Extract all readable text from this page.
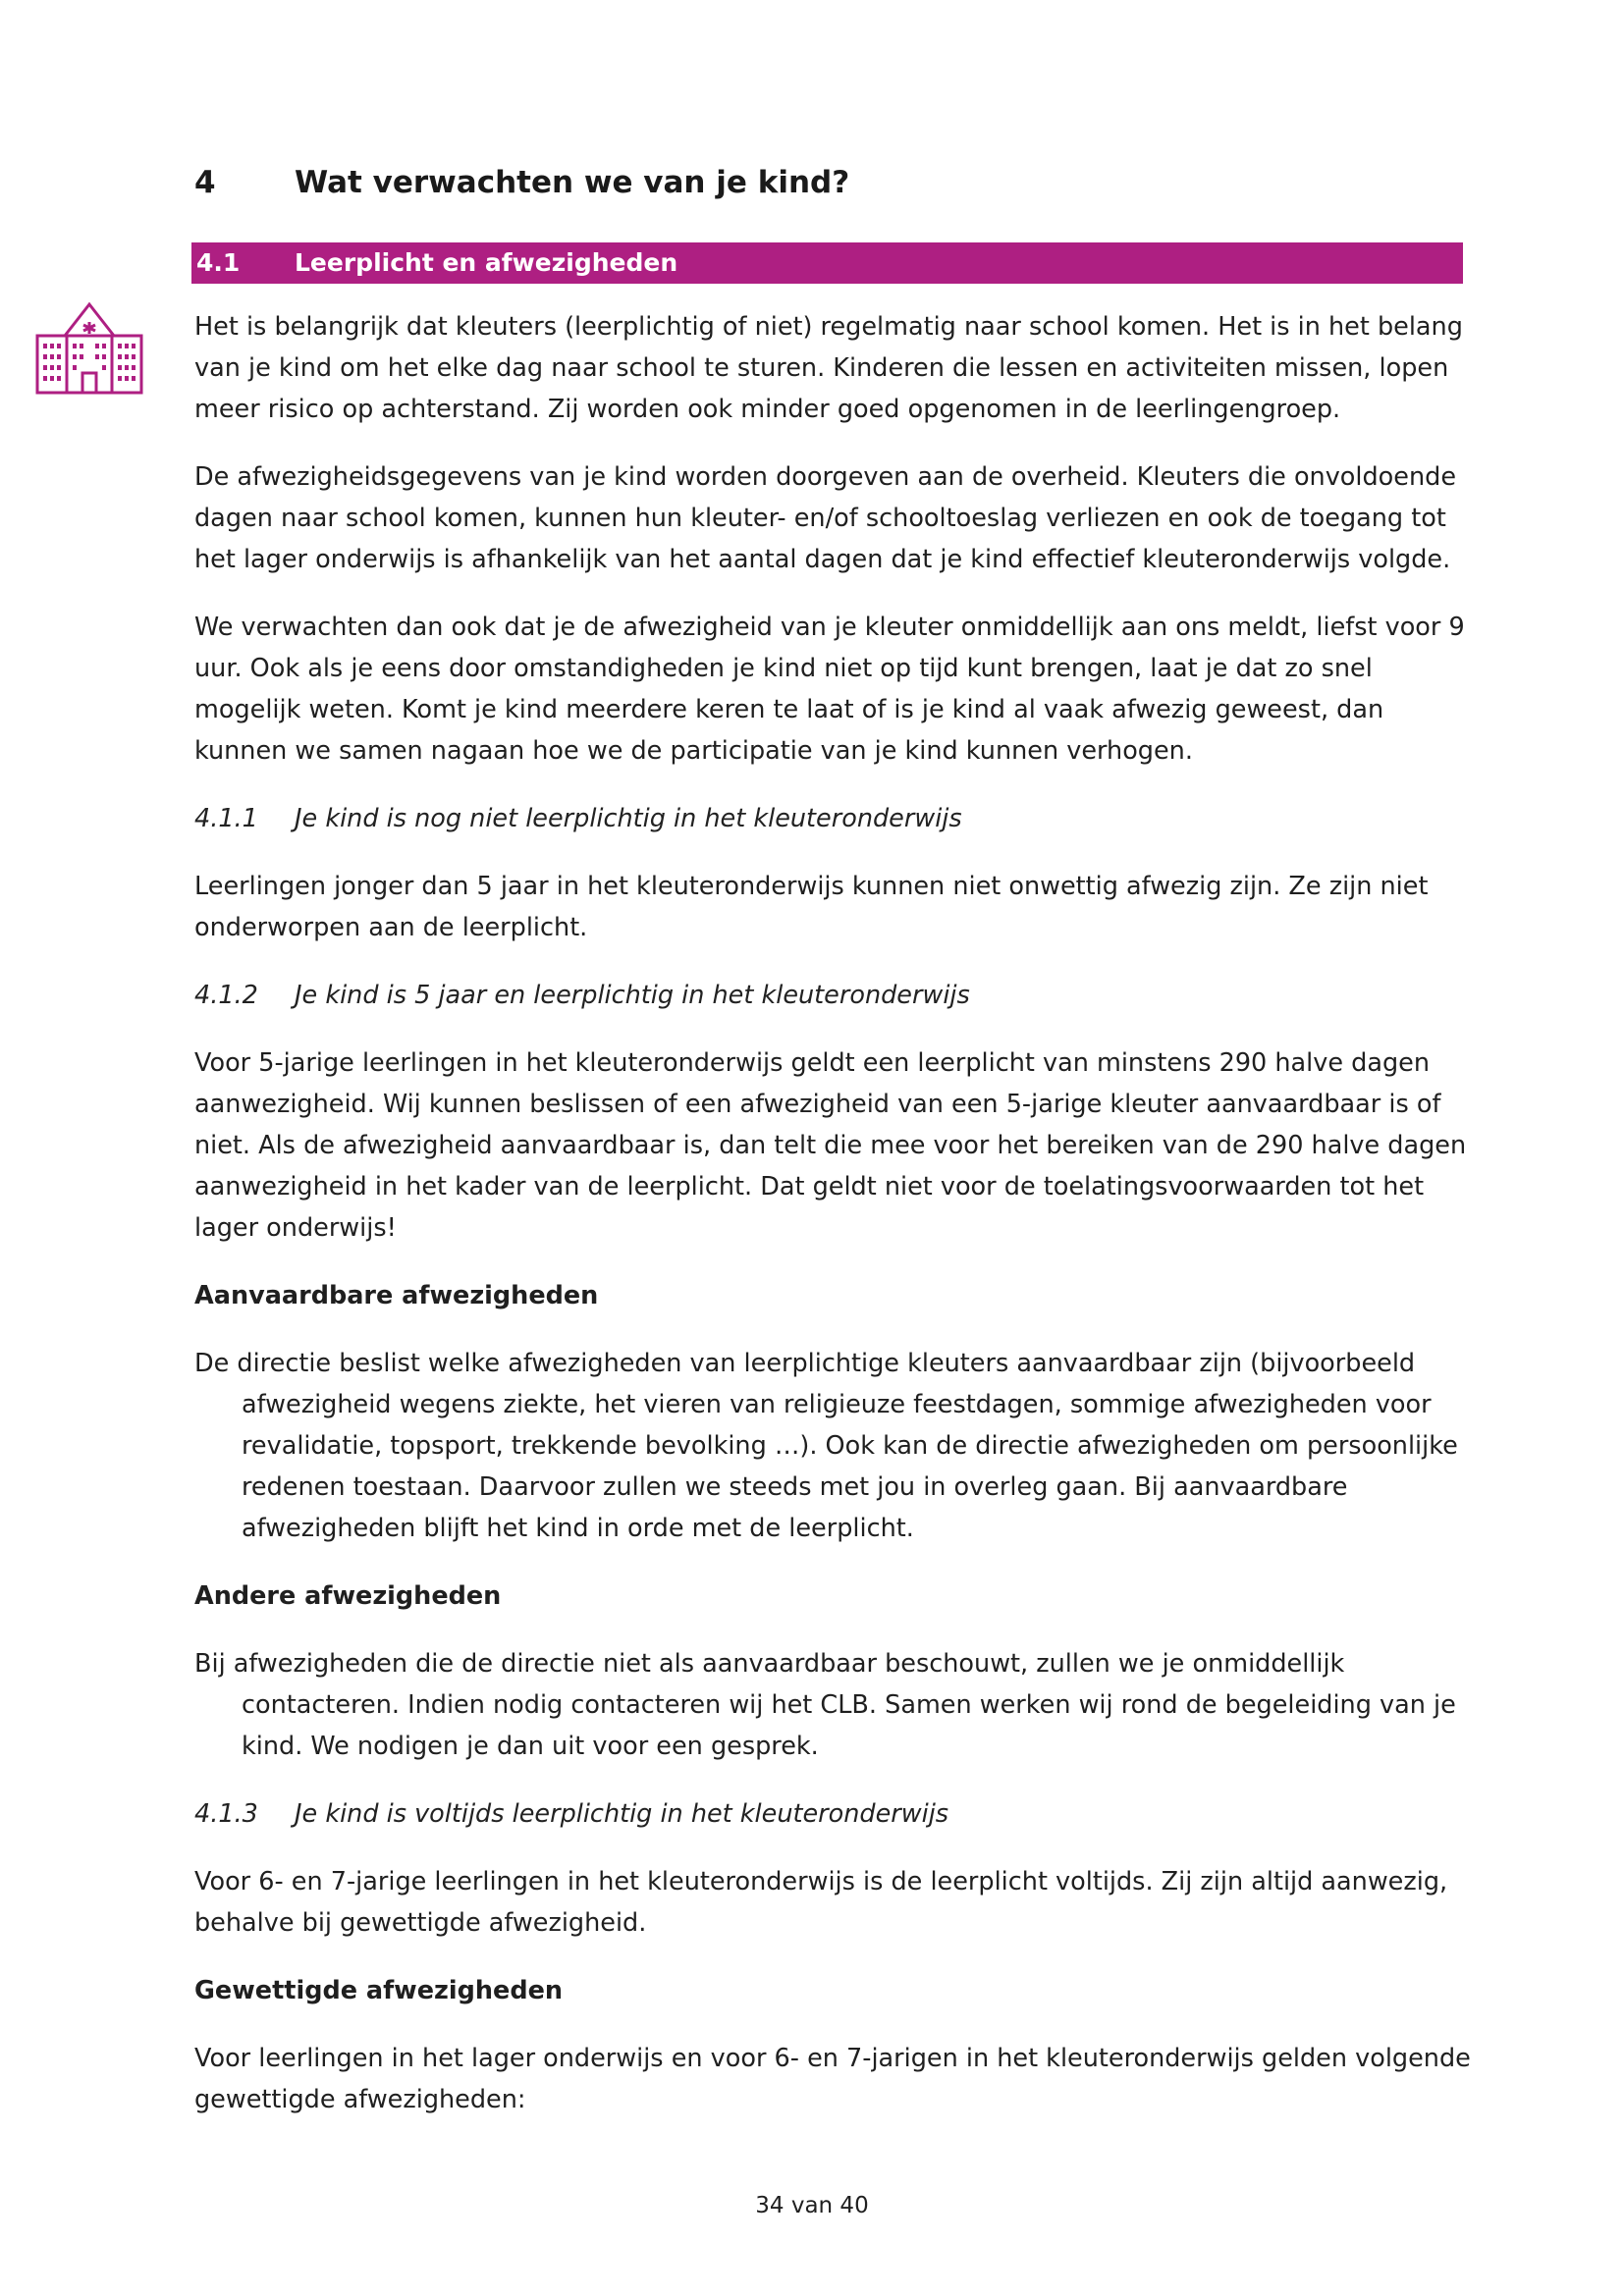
4	Wat verwachten we van je kind?
4.1 Leerplicht en afwezigheden

Het is belangrijk dat kleuters (leerplichtig of niet) regelmatig naar school komen. Het is in het belang van je kind om het elke dag naar school te sturen. Kinderen die lessen en activiteiten missen, lopen meer risico op achterstand. Zij worden ook minder goed opgenomen in de leerlingengroep.

De afwezigheidsgegevens van je kind worden doorgeven aan de overheid. Kleuters die onvoldoende dagen naar school komen, kunnen hun kleuter- en/of schooltoeslag verliezen en ook de toegang tot het lager onderwijs is afhankelijk van het aantal dagen dat je kind effectief kleuteronderwijs volgde.

We verwachten dan ook dat je de afwezigheid van je kleuter onmiddellijk aan ons meldt, liefst voor 9 uur. Ook als je eens door omstandigheden je kind niet op tijd kunt brengen, laat je dat zo snel mogelijk weten. Komt je kind meerdere keren te laat of is je kind al vaak afwezig geweest, dan kunnen we samen nagaan hoe we de participatie van je kind kunnen verhogen.

4.1.1 Je kind is nog niet leerplichtig in het kleuteronderwijs

Leerlingen jonger dan 5 jaar in het kleuteronderwijs kunnen niet onwettig afwezig zijn. Ze zijn niet onderworpen aan de leerplicht.

4.1.2 Je kind is 5 jaar en leerplichtig in het kleuteronderwijs

Voor 5-jarige leerlingen in het kleuteronderwijs geldt een leerplicht van minstens 290 halve dagen aanwezigheid. Wij kunnen beslissen of een afwezigheid van een 5-jarige kleuter aanvaardbaar is of niet. Als de afwezigheid aanvaardbaar is, dan telt die mee voor het bereiken van de 290 halve dagen aanwezigheid in het kader van de leerplicht. Dat geldt niet voor de toelatingsvoorwaarden tot het lager onderwijs!

Aanvaardbare afwezigheden

De directie beslist welke afwezigheden van leerplichtige kleuters aanvaardbaar zijn (bijvoorbeeld afwezigheid wegens ziekte, het vieren van religieuze feestdagen, sommige afwezigheden voor revalidatie, topsport, trekkende bevolking …). Ook kan de directie afwezigheden om persoonlijke redenen toestaan. Daarvoor zullen we steeds met jou in overleg gaan. Bij aanvaardbare afwezigheden blijft het kind in orde met de leerplicht.

Andere afwezigheden

Bij afwezigheden die de directie niet als aanvaardbaar beschouwt, zullen we je onmiddellijk contacteren. Indien nodig contacteren wij het CLB. Samen werken wij rond de begeleiding van je kind. We nodigen je dan uit voor een gesprek.

4.1.3 Je kind is voltijds leerplichtig in het kleuteronderwijs

Voor 6- en 7-jarige leerlingen in het kleuteronderwijs is de leerplicht voltijds. Zij zijn altijd aanwezig, behalve bij gewettigde afwezigheid.

Gewettigde afwezigheden

Voor leerlingen in het lager onderwijs en voor 6- en 7-jarigen in het kleuteronderwijs gelden volgende gewettigde afwezigheden:

34 van 40
